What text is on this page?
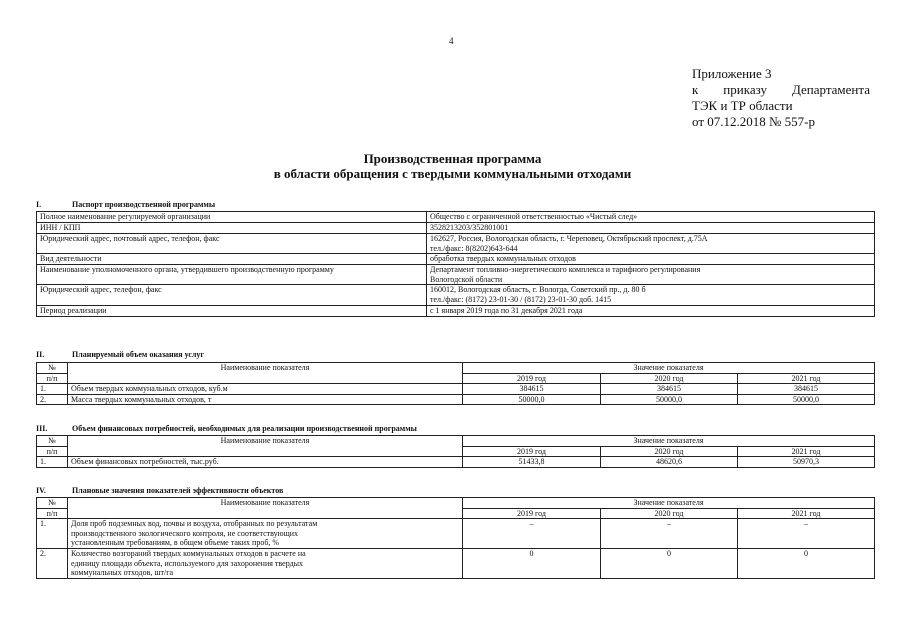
4
Приложение 3
к приказу Департамента
ТЭК и ТР области
от 07.12.2018 № 557-р
Производственная программа
в области обращения с твердыми коммунальными отходами
I.	Паспорт производственной программы
Полное наименование регулируемой организации	Общество с ограниченной ответственностью «Чистый след»
ИНН / КПП	3528213203/352801001
Юридический адрес, почтовый адрес, телефон, факс	162627, Россия, Вологодская область, г. Череповец, Октябрьский проспект, д.75А
тел./факс: 8(8202)643-644

Вид деятельности	обработка твердых коммунальных отходов
Наименование уполномоченного органа, утвердившего производственную программу	Департамент топливно-энергетического комплекса и тарифного регулирования
Вологодской области

Юридический адрес, телефон, факс	160012, Вологодская область, г. Вологда, Советский пр., д. 80 б
тел./факс: (8172) 23-01-30 / (8172) 23-01-30 доб. 1415

Период реализации	с 1 января 2019 года по 31 декабря 2021 года
II.	Планируемый объем оказания услуг
№	Наименование показателя	Значение показателя		
п/п		2019 год	2020 год	2021 год
1.	Объем твердых коммунальных отходов, куб.м	384615	384615	384615
2.	Масса твердых коммунальных отходов, т	50000,0	50000,0	50000,0
III.	Объем финансовых потребностей, необходимых для реализации производственной программы
№	Наименование показателя	Значение показателя		
п/п		2019 год	2020 год	2021 год
1.	Объем финансовых потребностей, тыс.руб.	51433,8	48620,6	50970,3
IV.	Плановые значения показателей эффективности объектов
№	Наименование показателя	Значение показателя		
п/п		2019 год	2020 год	2021 год
1.	Доля проб подземных вод, почвы и воздуха, отобранных по результатам
производственного экологического контроля, не соответствующих
установленным требованиям, в общем объеме таких проб, %	–	–	–
2.	Количество возгораний твердых коммунальных отходов в расчете на
единицу площади объекта, используемого для захоронения твердых
коммунальных отходов, шт/га	0	0	0
